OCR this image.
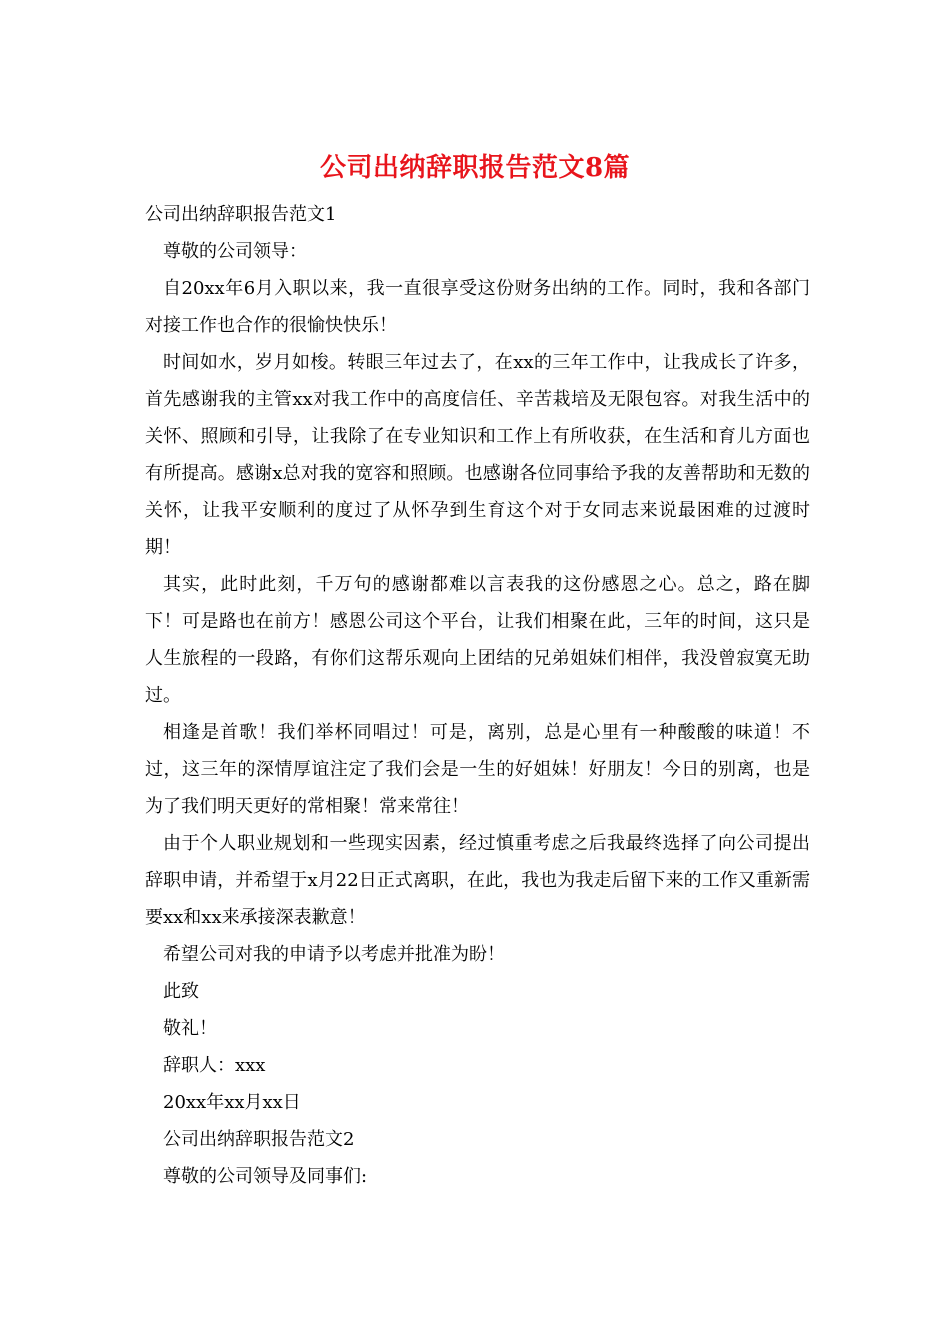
公司出纳辞职报告范文8篇

公司出纳辞职报告范文1

尊敬的公司领导：

自20xx年6月入职以来，我一直很享受这份财务出纳的工作。同时，我和各部门对接工作也合作的很愉快快乐！

时间如水，岁月如梭。转眼三年过去了，在xx的三年工作中，让我成长了许多，首先感谢我的主管xx对我工作中的高度信任、辛苦栽培及无限包容。对我生活中的关怀、照顾和引导，让我除了在专业知识和工作上有所收获，在生活和育儿方面也有所提高。感谢x总对我的宽容和照顾。也感谢各位同事给予我的友善帮助和无数的关怀，让我平安顺利的度过了从怀孕到生育这个对于女同志来说最困难的过渡时期！

其实，此时此刻，千万句的感谢都难以言表我的这份感恩之心。总之，路在脚下！可是路也在前方！感恩公司这个平台，让我们相聚在此，三年的时间，这只是人生旅程的一段路，有你们这帮乐观向上团结的兄弟姐妹们相伴，我没曾寂寞无助过。

相逢是首歌！我们举杯同唱过！可是，离别，总是心里有一种酸酸的味道！不过，这三年的深情厚谊注定了我们会是一生的好姐妹！好朋友！今日的别离，也是为了我们明天更好的常相聚！常来常往！

由于个人职业规划和一些现实因素，经过慎重考虑之后我最终选择了向公司提出辞职申请，并希望于x月22日正式离职，在此，我也为我走后留下来的工作又重新需要xx和xx来承接深表歉意！

希望公司对我的申请予以考虑并批准为盼！

此致

敬礼！

辞职人：xxx

20xx年xx月xx日

公司出纳辞职报告范文2

尊敬的公司领导及同事们:
